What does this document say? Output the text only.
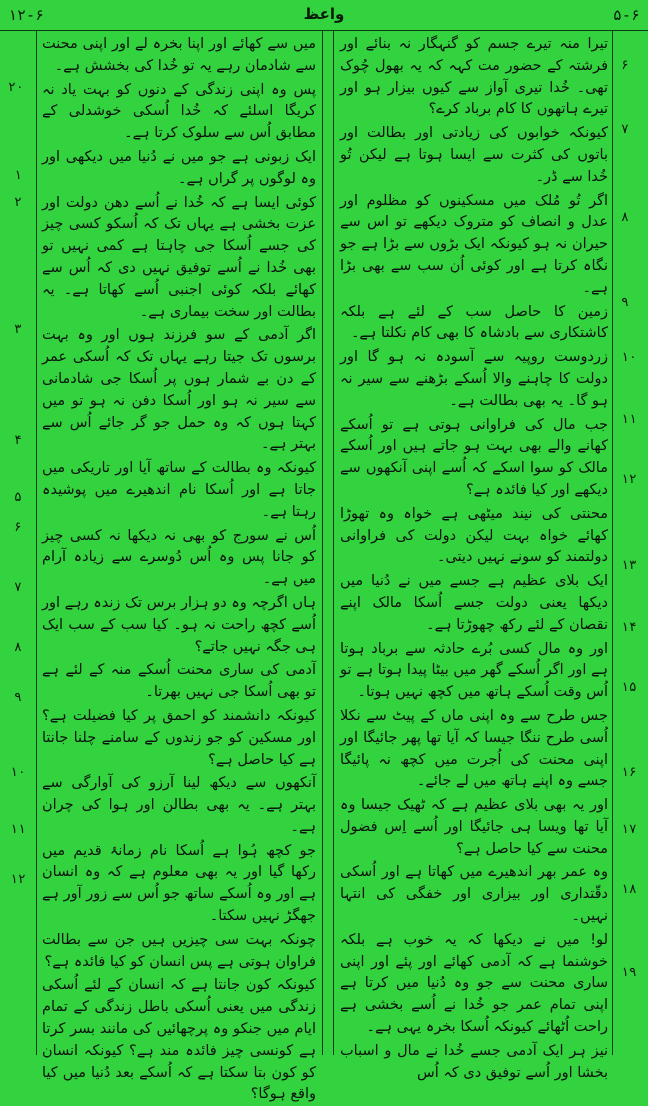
۱۲-۶	واعظ	۵-۶
۶
۷
۸
۹
۱۰
۱۱
۱۲
۱۳
۱۴
۱۵
۱۶
۱۷
۱۸
۱۹
۲۰
۱
۲
۳
۴
۵
۶
۷
۸
۹
۱۰
۱۱
۱۲

تیرا منہ تیرے جسم کو گنہگار نہ بنائے اور فرشتہ کے حضور مت کہہ کہ یہ بھول چُوک تھی۔ خُدا تیری آواز سے کیوں بیزار ہو اور تیرے ہاتھوں کا کام برباد کرے؟

کیونکہ خوابوں کی زیادتی اور بطالت اور باتوں کی کثرت سے ایسا ہوتا ہے لیکن تُو خُدا سے ڈر۔

اگر تُو مُلک میں مسکینوں کو مظلوم اور عدل و انصاف کو متروک دیکھے تو اس سے حیران نہ ہو کیونکہ ایک بڑوں سے بڑا ہے جو نگاہ کرتا ہے اور کوئی اُن سب سے بھی بڑا ہے۔

زمین کا حاصل سب کے لئے ہے بلکہ کاشتکاری سے بادشاہ کا بھی کام نکلتا ہے۔

زردوست روپیہ سے آسودہ نہ ہو گا اور دولت کا چاہنے والا اُسکے بڑھنے سے سیر نہ ہو گا۔ یہ بھی بطالت ہے۔

جب مال کی فراوانی ہوتی ہے تو اُسکے کھانے والے بھی بہت ہو جاتے ہیں اور اُسکے مالک کو سوا اسکے کہ اُسے اپنی آنکھوں سے دیکھے اور کیا فائدہ ہے؟

محنتی کی نیند میٹھی ہے خواہ وہ تھوڑا کھائے خواہ بہت لیکن دولت کی فراوانی دولتمند کو سونے نہیں دیتی۔

ایک بلای عظیم ہے جسے میں نے دُنیا میں دیکھا یعنی دولت جسے اُسکا مالک اپنے نقصان کے لئے رکھ چھوڑتا ہے۔

اور وہ مال کسی بُرے حادثہ سے برباد ہوتا ہے اور اگر اُسکے گھر میں بیٹا پیدا ہوتا ہے تو اُس وقت اُسکے ہاتھ میں کچھ نہیں ہوتا۔

جس طرح سے وہ اپنی ماں کے پیٹ سے نکلا اُسی طرح ننگا جیسا کہ آیا تھا پھر جائیگا اور اپنی محنت کی اُجرت میں کچھ نہ پائیگا جسے وہ اپنے ہاتھ میں لے جائے۔

اور یہ بھی بلای عظیم ہے کہ ٹھیک جیسا وہ آیا تھا ویسا ہی جائیگا اور اُسے اِس فضول محنت سے کیا حاصل ہے؟

وہ عمر بھر اندھیرے میں کھاتا ہے اور اُسکی دقّتداری اور بیزاری اور خفگی کی انتہا نہیں۔

لو! میں نے دیکھا کہ یہ خوب ہے بلکہ خوشنما ہے کہ آدمی کھائے اور پئے اور اپنی ساری محنت سے جو وہ دُنیا میں کرتا ہے اپنی تمام عمر جو خُدا نے اُسے بخشی ہے راحت اُٹھائے کیونکہ اُسکا بخرہ یہی ہے۔

نیز ہر ایک آدمی جسے خُدا نے مال و اسباب بخشا اور اُسے توفیق دی کہ اُس

میں سے کھائے اور اپنا بخرہ لے اور اپنی محنت سے شادمان رہے یہ تو خُدا کی بخشش ہے۔

پس وہ اپنی زندگی کے دنوں کو بہت یاد نہ کریگا اسلئے کہ خُدا اُسکی خوشدلی کے مطابق اُس سے سلوک کرتا ہے۔

ایک زبونی ہے جو میں نے دُنیا میں دیکھی اور وہ لوگوں پر گراں ہے۔

کوئی ایسا ہے کہ خُدا نے اُسے دھن دولت اور عزت بخشی ہے یہاں تک کہ اُسکو کسی چیز کی جسے اُسکا جی چاہتا ہے کمی نہیں تو بھی خُدا نے اُسے توفیق نہیں دی کہ اُس سے کھائے بلکہ کوئی اجنبی اُسے کھاتا ہے۔ یہ بطالت اور سخت بیماری ہے۔

اگر آدمی کے سو فرزند ہوں اور وہ بہت برسوں تک جیتا رہے یہاں تک کہ اُسکی عمر کے دن بے شمار ہوں پر اُسکا جی شادمانی سے سیر نہ ہو اور اُسکا دفن نہ ہو تو میں کہتا ہوں کہ وہ حمل جو گر جائے اُس سے بہتر ہے۔

کیونکہ وہ بطالت کے ساتھ آیا اور تاریکی میں جاتا ہے اور اُسکا نام اندھیرے میں پوشیدہ رہتا ہے۔

اُس نے سورج کو بھی نہ دیکھا نہ کسی چیز کو جانا پس وہ اُس دُوسرے سے زیادہ آرام میں ہے۔

ہاں اگرچہ وہ دو ہزار برس تک زندہ رہے اور اُسے کچھ راحت نہ ہو۔ کیا سب کے سب ایک ہی جگہ نہیں جاتے؟

آدمی کی ساری محنت اُسکے منہ کے لئے ہے تو بھی اُسکا جی نہیں بھرتا۔

کیونکہ دانشمند کو احمق پر کیا فضیلت ہے؟ اور مسکین کو جو زندوں کے سامنے چلنا جانتا ہے کیا حاصل ہے؟

آنکھوں سے دیکھ لینا آرزو کی آوارگی سے بہتر ہے۔ یہ بھی بطالن اور ہوا کی چران ہے۔

جو کچھ ہُوا ہے اُسکا نام زمانۂ قدیم میں رکھا گیا اور یہ بھی معلوم ہے کہ وہ انسان ہے اور وہ اُسکے ساتھ جو اُس سے زور آور ہے جھگڑ نہیں سکتا۔

چونکہ بہت سی چیزیں ہیں جن سے بطالت فراوان ہوتی ہے پس انسان کو کیا فائدہ ہے؟

کیونکہ کون جانتا ہے کہ انسان کے لئے اُسکی زندگی میں یعنی اُسکی باطل زندگی کے تمام ایام میں جنکو وہ پرچھائیں کی مانند بسر کرتا ہے کونسی چیز فائدہ مند ہے؟ کیونکہ انسان کو کون بتا سکتا ہے کہ اُسکے بعد دُنیا میں کیا واقع ہوگا؟
